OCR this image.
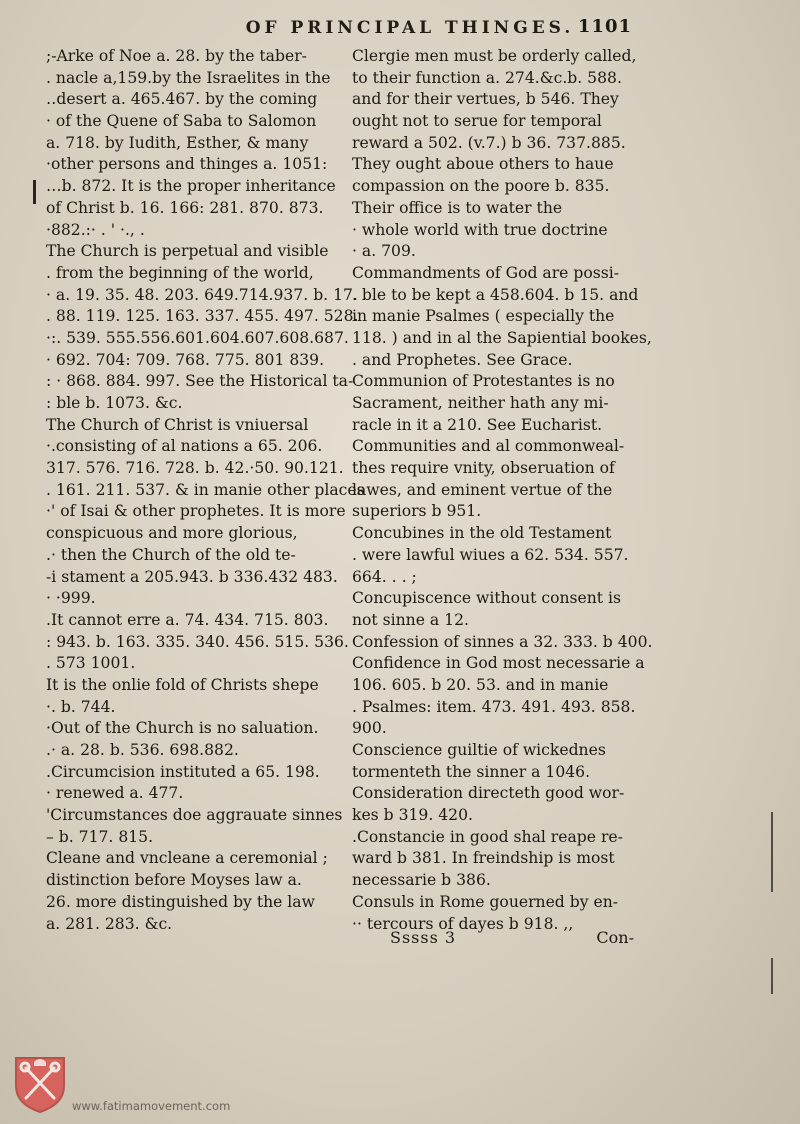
OF PRINCIPAL THINGES. 1101
;‑Arke of Noe a. 28. by the taber-
. nacle a,159.by the Israelites in the
‥desert a. 465.467. by the coming
· of the Quene of Saba to Salomon
a. 718. by Iudith, Esther, & many
·other persons and thinges a. 1051:
…b. 872. It is the proper inheritance
of Christ b. 16. 166: 281. 870. 873.
·882.:· . ' ·., .
The Church is perpetual and visible
. from the beginning of the world,
· a. 19. 35. 48. 203. 649.714.937. b. 17.
. 88. 119. 125. 163. 337. 455. 497. 528.
·:. 539. 555.556.601.604.607.608.687.
· 692. 704: 709. 768. 775. 801 839.
: · 868. 884. 997. See the Historical ta-
: ble b. 1073. &c.
The Church of Christ is vniuersal
·.consisting of al nations a 65. 206.
317. 576. 716. 728. b. 42.·50. 90.121.
. 161. 211. 537. & in manie other places
·' of Isai & other prophetes. It is more
conspicuous and more glorious,
.· then the Church of the old te-
-i stament a 205.943. b 336.432 483.
· ·999.
.It cannot erre a. 74. 434. 715. 803.
: 943. b. 163. 335. 340. 456. 515. 536.
. 573 1001.
It is the onlie fold of Christs shepe
·. b. 744.
·Out of the Church is no saluation.
.· a. 28. b. 536. 698.882.
.Circumcision instituted a 65. 198.
· renewed a. 477.
'Circumstances doe aggrauate sinnes
– b. 717. 815.
Cleane and vncleane a ceremonial ;
distinction before Moyses law a.
26. more distinguished by the law
a. 281. 283. &c.
Clergie men must be orderly called,
to their function a. 274.&c.b. 588.
and for their vertues, b 546. They
ought not to serue for temporal
reward a 502. (v.7.) b 36. 737.885.
They ought aboue others to haue
compassion on the poore b. 835.
Their office is to water the
· whole world with true doctrine
· a. 709.
Commandments of God are possi-
. ble to be kept a 458.604. b 15. and
in manie Psalmes ( especially the
118. ) and in al the Sapiential bookes,
. and Prophetes. See Grace.
Communion of Protestantes is no
Sacrament, neither hath any mi-
racle in it a 210. See Eucharist.
Communities and al commonweal-
thes require vnity, obseruation of
lawes, and eminent vertue of the
superiors b 951.
Concubines in the old Testament
. were lawful wiues a 62. 534. 557.
664. . . ;
Concupiscence without consent is
not sinne a 12.
Confession of sinnes a 32. 333. b 400.
Confidence in God most necessarie a
106. 605. b 20. 53. and in manie
. Psalmes: item. 473. 491. 493. 858.
900.
Conscience guiltie of wickednes
tormenteth the sinner a 1046.
Consideration directeth good wor-
kes b 319. 420.
.Constancie in good shal reape re-
ward b 381. In freindship is most
necessarie b 386.
Consuls in Rome gouerned by en-
·· tercours of dayes b 918. ,,
Sssss 3	Con-
www.fatimamovement.com
